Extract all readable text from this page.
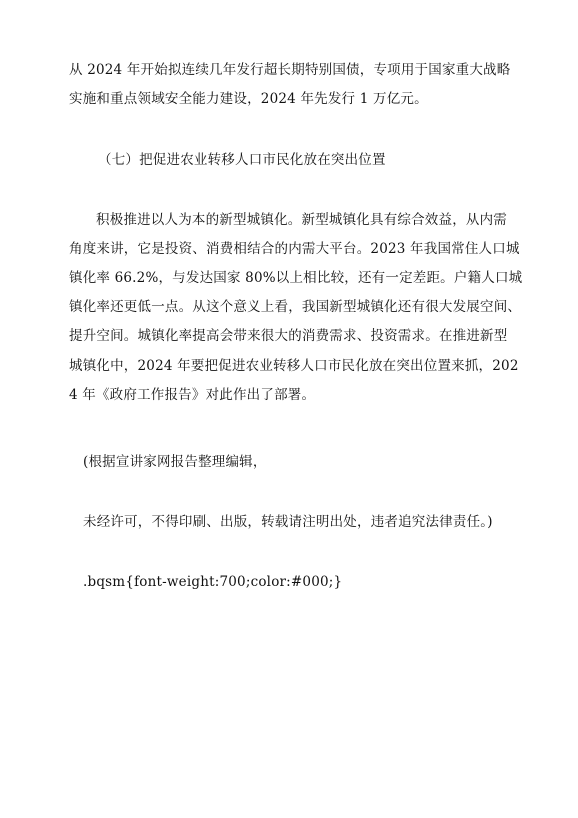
从 2024 年开始拟连续几年发行超长期特别国债，专项用于国家重大战略
实施和重点领域安全能力建设，2024 年先发行 1 万亿元。
（七）把促进农业转移人口市民化放在突出位置
积极推进以人为本的新型城镇化。新型城镇化具有综合效益，从内需
角度来讲，它是投资、消费相结合的内需大平台。2023 年我国常住人口城
镇化率 66.2%，与发达国家 80%以上相比较，还有一定差距。户籍人口城
镇化率还更低一点。从这个意义上看，我国新型城镇化还有很大发展空间、
提升空间。城镇化率提高会带来很大的消费需求、投资需求。在推进新型
城镇化中，2024 年要把促进农业转移人口市民化放在突出位置来抓，202
4 年《政府工作报告》对此作出了部署。
(根据宣讲家网报告整理编辑，
未经许可，不得印刷、出版，转载请注明出处，违者追究法律责任。)
.bqsm{font-weight:700;color:#000;}
